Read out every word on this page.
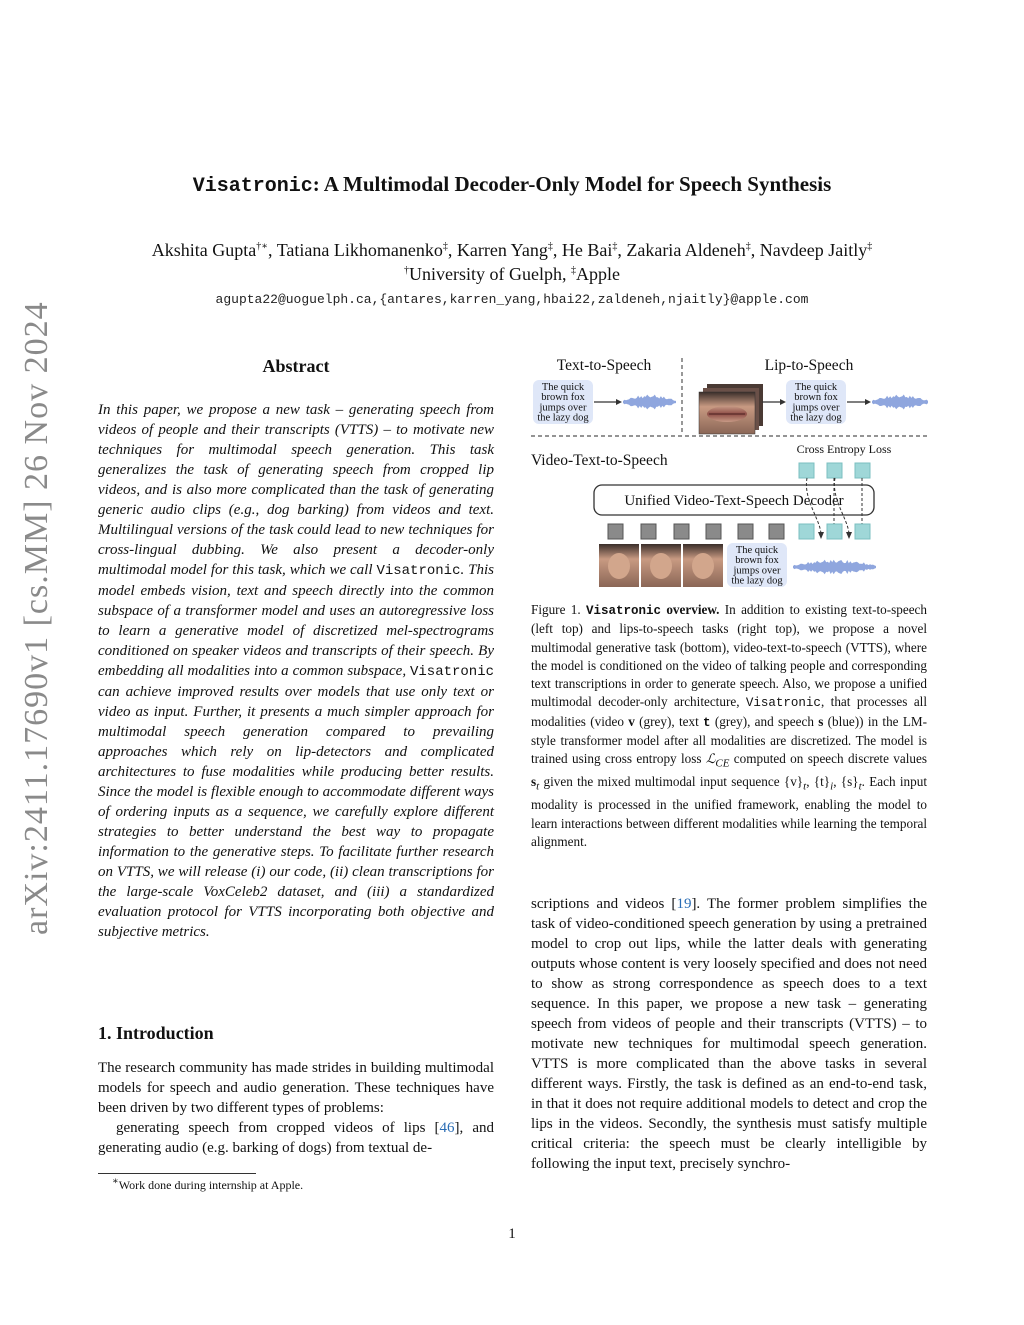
arXiv:2411.17690v1 [cs.MM] 26 Nov 2024
Visatronic: A Multimodal Decoder-Only Model for Speech Synthesis
Akshita Gupta†∗, Tatiana Likhomanenko‡, Karren Yang‡, He Bai‡, Zakaria Aldeneh‡, Navdeep Jaitly‡
†University of Guelph, ‡Apple
agupta22@uoguelph.ca,{antares,karren_yang,hbai22,zaldeneh,njaitly}@apple.com
Abstract
In this paper, we propose a new task – generating speech from videos of people and their transcripts (VTTS) – to motivate new techniques for multimodal speech generation. This task generalizes the task of generating speech from cropped lip videos, and is also more complicated than the task of generating generic audio clips (e.g., dog barking) from videos and text. Multilingual versions of the task could lead to new techniques for cross-lingual dubbing. We also present a decoder-only multimodal model for this task, which we call Visatronic. This model embeds vision, text and speech directly into the common subspace of a transformer model and uses an autoregressive loss to learn a generative model of discretized mel-spectrograms conditioned on speaker videos and transcripts of their speech. By embedding all modalities into a common subspace, Visatronic can achieve improved results over models that use only text or video as input. Further, it presents a much simpler approach for multimodal speech generation compared to prevailing approaches which rely on lip-detectors and complicated architectures to fuse modalities while producing better results. Since the model is flexible enough to accommodate different ways of ordering inputs as a sequence, we carefully explore different strategies to better understand the best way to propagate information to the generative steps. To facilitate further research on VTTS, we will release (i) our code, (ii) clean transcriptions for the large-scale VoxCeleb2 dataset, and (iii) a standardized evaluation protocol for VTTS incorporating both objective and subjective metrics.
1. Introduction

The research community has made strides in building multimodal models for speech and audio generation. These techniques have been driven by two different types of problems:

generating speech from cropped videos of lips [46], and generating audio (e.g. barking of dogs) from textual de-

∗Work done during internship at Apple.
Text-to-Speech	Lip-to-Speech
The quick
brown fox
jumps over
the lazy dog
The quick
brown fox
jumps over
the lazy dog
Video-Text-to-Speech
Cross Entropy Loss
Unified Video-Text-Speech Decoder
The quick
brown fox
jumps over
the lazy dog
Figure 1. Visatronic overview. In addition to existing text-to-speech (left top) and lips-to-speech tasks (right top), we propose a novel multimodal generative task (bottom), video-text-to-speech (VTTS), where the model is conditioned on the video of talking people and corresponding text transcriptions in order to generate speech. Also, we propose a unified multimodal decoder-only architecture, Visatronic, that processes all modalities (video v (grey), text t (grey), and speech s (blue)) in the LM-style transformer model after all modalities are discretized. The model is trained using cross entropy loss ℒ$_{CE}$ computed on speech discrete values $s_t$ given the mixed multimodal input sequence $\{v\}_t$, $\{t\}_i$, $\{s\}_t$. Each input modality is processed in the unified framework, enabling the model to learn interactions between different modalities while learning the temporal alignment.
scriptions and videos [19]. The former problem simplifies the task of video-conditioned speech generation by using a pretrained model to crop out lips, while the latter deals with generating outputs whose content is very loosely specified and does not need to show as strong correspondence as speech does to a text sequence. In this paper, we propose a new task – generating speech from videos of people and their transcripts (VTTS) – to motivate new techniques for multimodal speech generation. VTTS is more complicated than the above tasks in several different ways. Firstly, the task is defined as an end-to-end task, in that it does not require additional models to detect and crop the lips in the videos. Secondly, the synthesis must satisfy multiple critical criteria: the speech must be clearly intelligible by following the input text, precisely synchro-
1
